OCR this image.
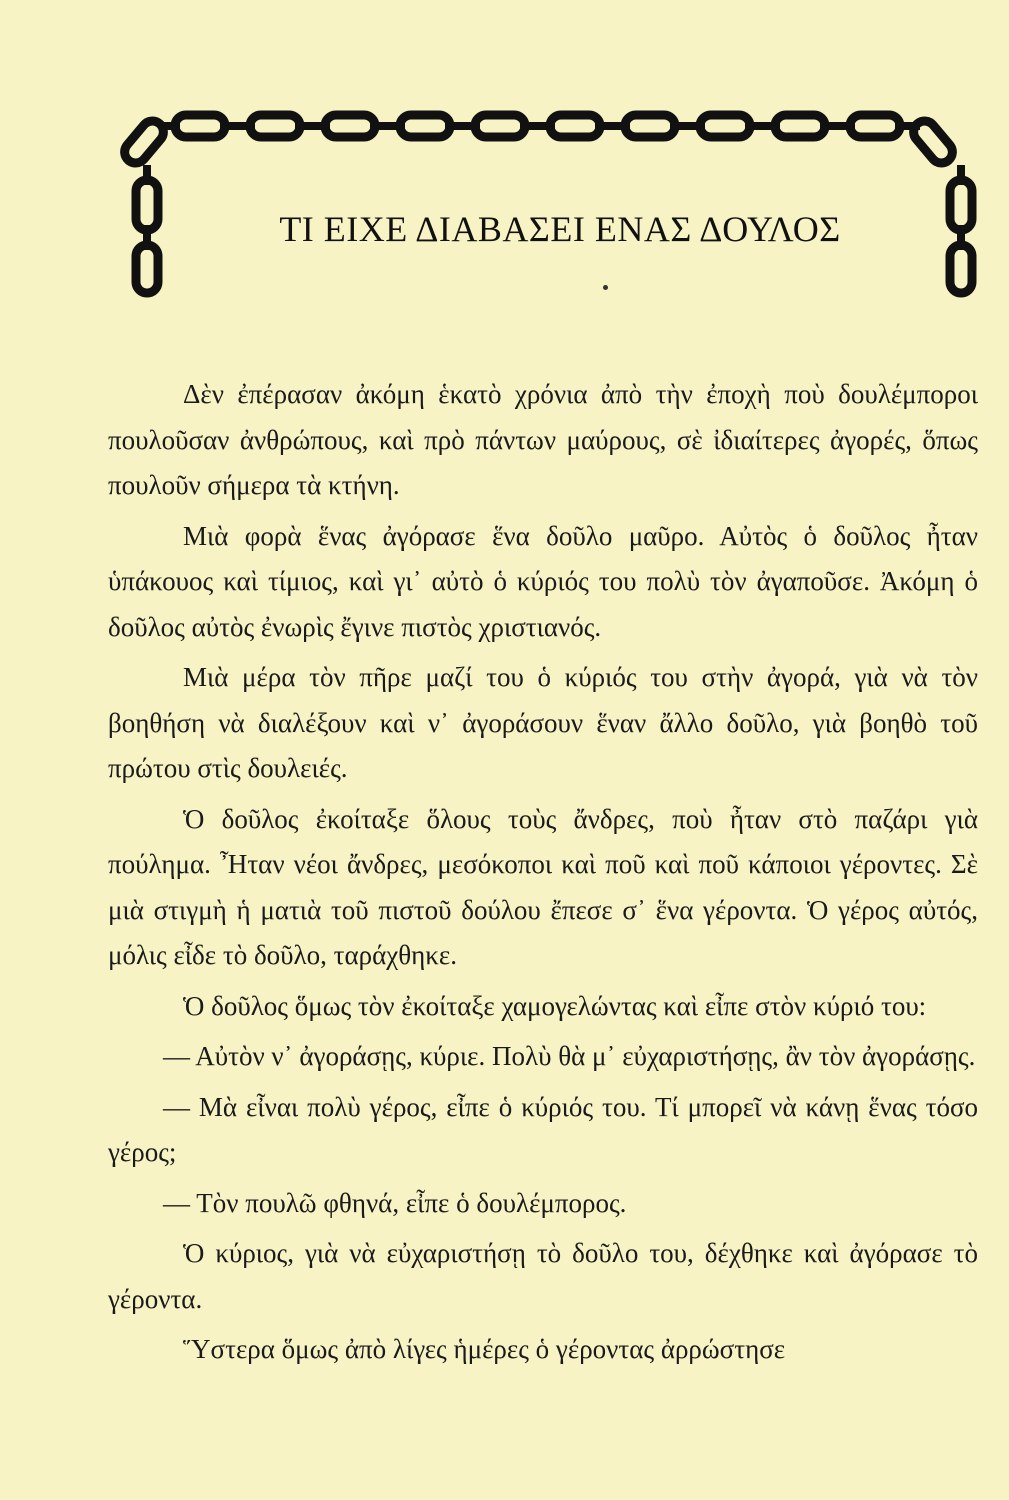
ΤΙ ΕΙΧΕ ΔΙΑΒΑΣΕΙ ΕΝΑΣ ΔΟΥΛΟΣ

Δὲν ἐπέρασαν ἀκόμη ἑκατὸ χρόνια ἀπὸ τὴν ἐποχὴ ποὺ δουλέμποροι πουλοῦσαν ἀνθρώπους, καὶ πρὸ πάντων μαύρους, σὲ ἰδιαίτερες ἀγορές, ὅπως πουλοῦν σήμερα τὰ κτήνη.

Μιὰ φορὰ ἕνας ἀγόρασε ἕνα δοῦλο μαῦρο. Αὐτὸς ὁ δοῦλος ἦταν ὑπάκουος καὶ τίμιος, καὶ γι᾽ αὐτὸ ὁ κύριός του πολὺ τὸν ἀγαποῦσε. Ἀκόμη ὁ δοῦλος αὐτὸς ἐνωρὶς ἔγινε πιστὸς χριστιανός.

Μιὰ μέρα τὸν πῆρε μαζί του ὁ κύριός του στὴν ἀγορά, γιὰ νὰ τὸν βοηθήση νὰ διαλέξουν καὶ ν᾽ ἀγοράσουν ἕναν ἄλλο δοῦλο, γιὰ βοηθὸ τοῦ πρώτου στὶς δουλειές.

Ὁ δοῦλος ἐκοίταξε ὅλους τοὺς ἄνδρες, ποὺ ἦταν στὸ παζάρι γιὰ πούλημα. Ἦταν νέοι ἄνδρες, μεσόκοποι καὶ ποῦ καὶ ποῦ κάποιοι γέροντες. Σὲ μιὰ στιγμὴ ἡ ματιὰ τοῦ πιστοῦ δούλου ἔπεσε σ᾽ ἕνα γέροντα. Ὁ γέρος αὐτός, μόλις εἶδε τὸ δοῦλο, ταράχθηκε.

Ὁ δοῦλος ὅμως τὸν ἐκοίταξε χαμογελώντας καὶ εἶπε στὸν κύριό του:

— Αὐτὸν ν᾽ ἀγοράσῃς, κύριε. Πολὺ θὰ μ᾽ εὐχαριστήσῃς, ἂν τὸν ἀγοράσῃς.

— Μὰ εἶναι πολὺ γέρος, εἶπε ὁ κύριός του. Τί μπορεῖ νὰ κάνῃ ἕνας τόσο γέρος;

— Τὸν πουλῶ φθηνά, εἶπε ὁ δουλέμπορος.

Ὁ κύριος, γιὰ νὰ εὐχαριστήσῃ τὸ δοῦλο του, δέχθηκε καὶ ἀγόρασε τὸ γέροντα.

Ὕστερα ὅμως ἀπὸ λίγες ἡμέρες ὁ γέροντας ἀρρώστησε
